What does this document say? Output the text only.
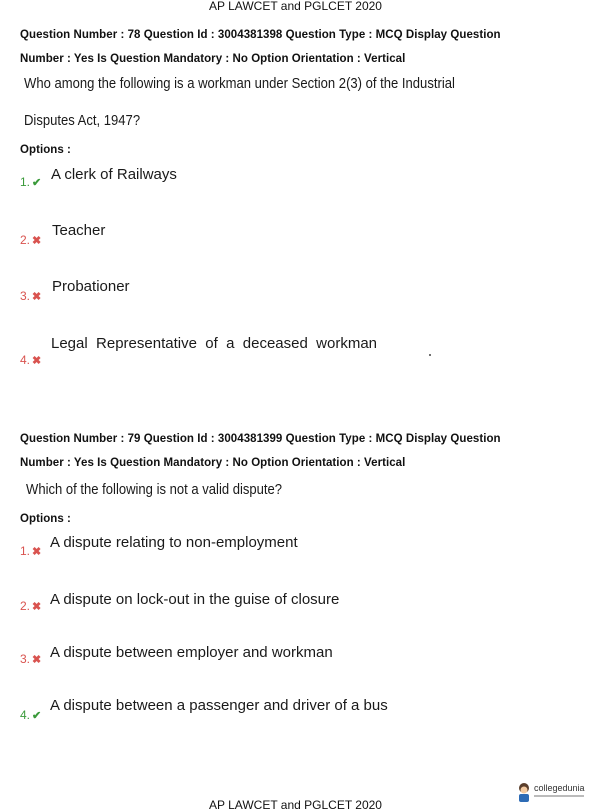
AP LAWCET and PGLCET 2020
Question Number : 78 Question Id : 3004381398 Question Type : MCQ Display Question
Number : Yes Is Question Mandatory : No Option Orientation : Vertical
Who among the following is a workman under Section 2(3) of the Industrial
Disputes Act, 1947?
Options :
1. ✔ A clerk of Railways
2. ✖
Teacher
3. ✖
Probationer
4. ✖
Legal  Representative  of  a  deceased  workman
Question Number : 79 Question Id : 3004381399 Question Type : MCQ Display Question
Number : Yes Is Question Mandatory : No Option Orientation : Vertical
Which of the following is not a valid dispute?
Options :
1. ✖
A dispute relating to non-employment
2. ✖ A dispute on lock-out in the guise of closure
3. ✖ A dispute between employer and workman
4. ✔
A dispute between a passenger and driver of a bus
collegedunia
AP LAWCET and PGLCET 2020
